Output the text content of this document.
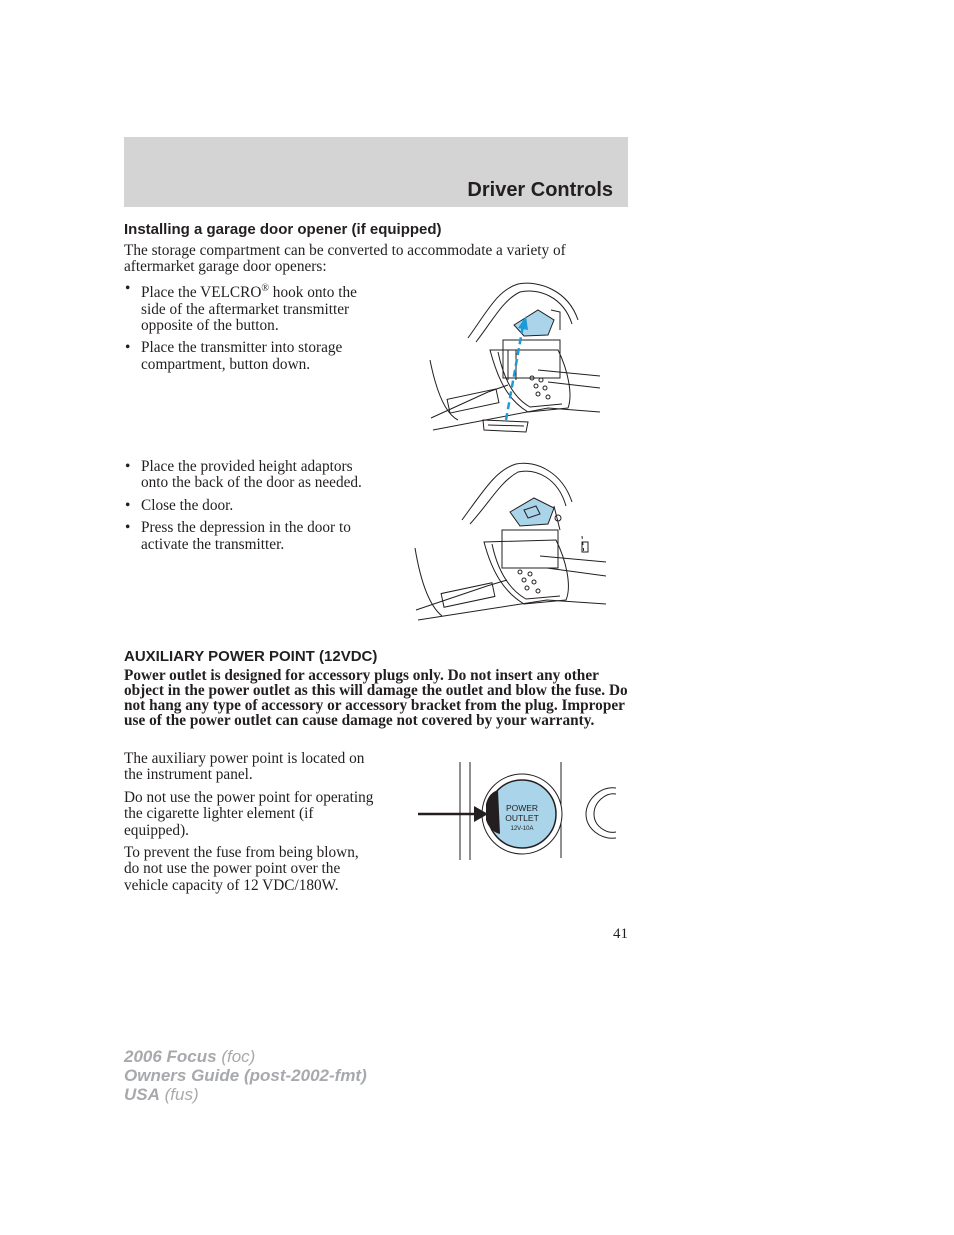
Driver Controls
Installing a garage door opener (if equipped)

The storage compartment can be converted to accommodate a variety of aftermarket garage door openers:

• Place the VELCRO® hook onto the side of the aftermarket transmitter opposite of the button.
• Place the transmitter into storage compartment, button down.
• Place the provided height adaptors onto the back of the door as needed.
• Close the door.
• Press the depression in the door to activate the transmitter.
AUXILIARY POWER POINT (12VDC)

Power outlet is designed for accessory plugs only. Do not insert any other object in the power outlet as this will damage the outlet and blow the fuse. Do not hang any type of accessory or accessory bracket from the plug. Improper use of the power outlet can cause damage not covered by your warranty.

The auxiliary power point is located on the instrument panel.

Do not use the power point for operating the cigarette lighter element (if equipped).

To prevent the fuse from being blown, do not use the power point over the vehicle capacity of 12 VDC/180W.

POWER
OUTLET
12V-10A
41
2006 Focus (foc)
Owners Guide (post-2002-fmt)
USA (fus)
